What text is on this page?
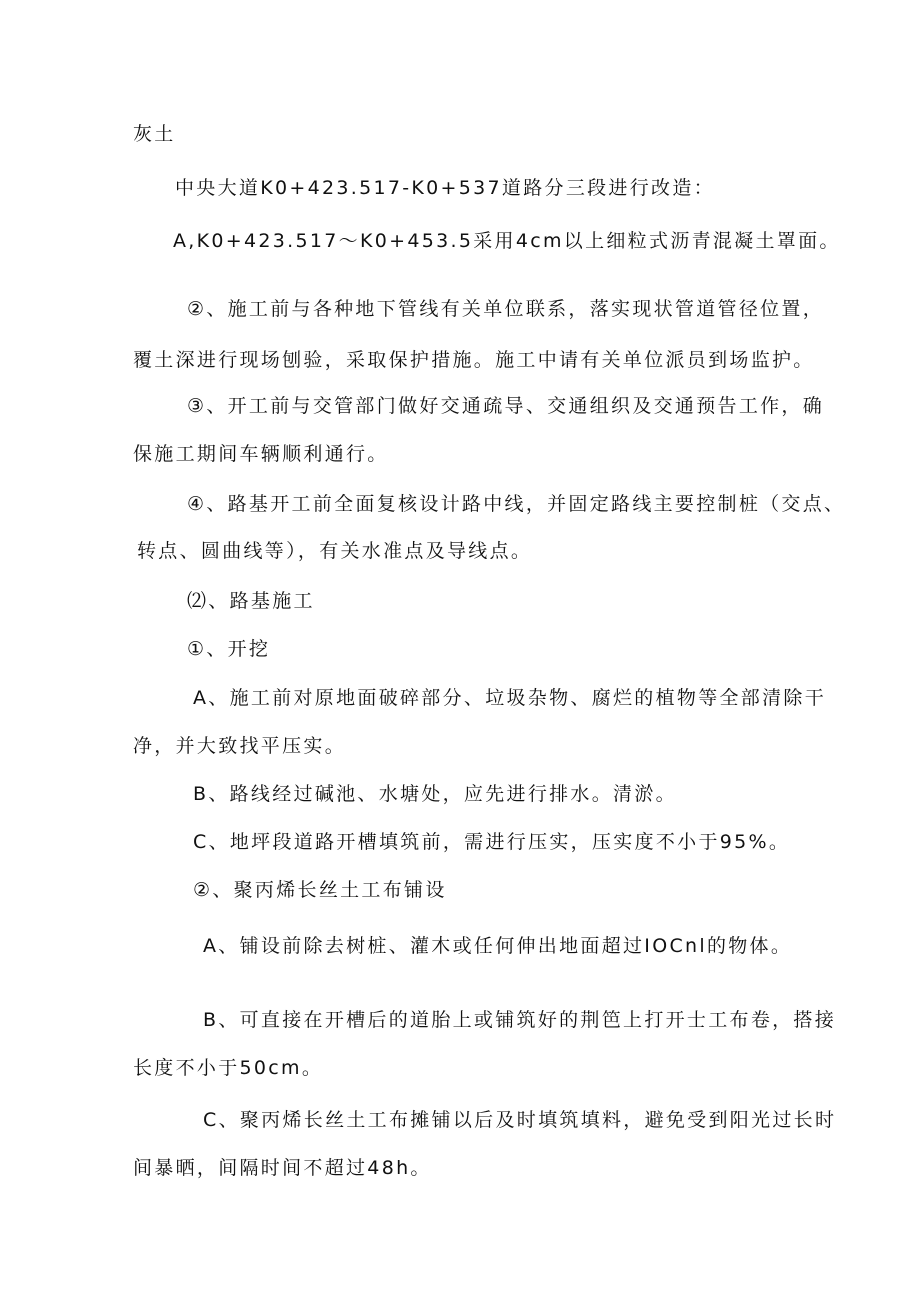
灰土
中央大道K0+423.517-K0+537道路分三段进行改造：
A,K0+423.517～K0+453.5采用4cm以上细粒式沥青混凝土罩面。
②、施工前与各种地下管线有关单位联系，落实现状管道管径位置，
覆土深进行现场刨验，采取保护措施。施工中请有关单位派员到场监护。
③、开工前与交管部门做好交通疏导、交通组织及交通预告工作，确
保施工期间车辆顺利通行。
④、路基开工前全面复核设计路中线，并固定路线主要控制桩（交点、
转点、圆曲线等），有关水准点及导线点。
⑵、路基施工
①、开挖
A、施工前对原地面破碎部分、垃圾杂物、腐烂的植物等全部清除干
净，并大致找平压实。
B、路线经过碱池、水塘处，应先进行排水。清淤。
C、地坪段道路开槽填筑前，需进行压实，压实度不小于95%。
②、聚丙烯长丝土工布铺设
A、铺设前除去树桩、灌木或任何伸出地面超过IOCnl的物体。
B、可直接在开槽后的道胎上或铺筑好的荆笆上打开士工布卷，搭接
长度不小于50cm。
C、聚丙烯长丝土工布摊铺以后及时填筑填料，避免受到阳光过长时
间暴晒，间隔时间不超过48h。
